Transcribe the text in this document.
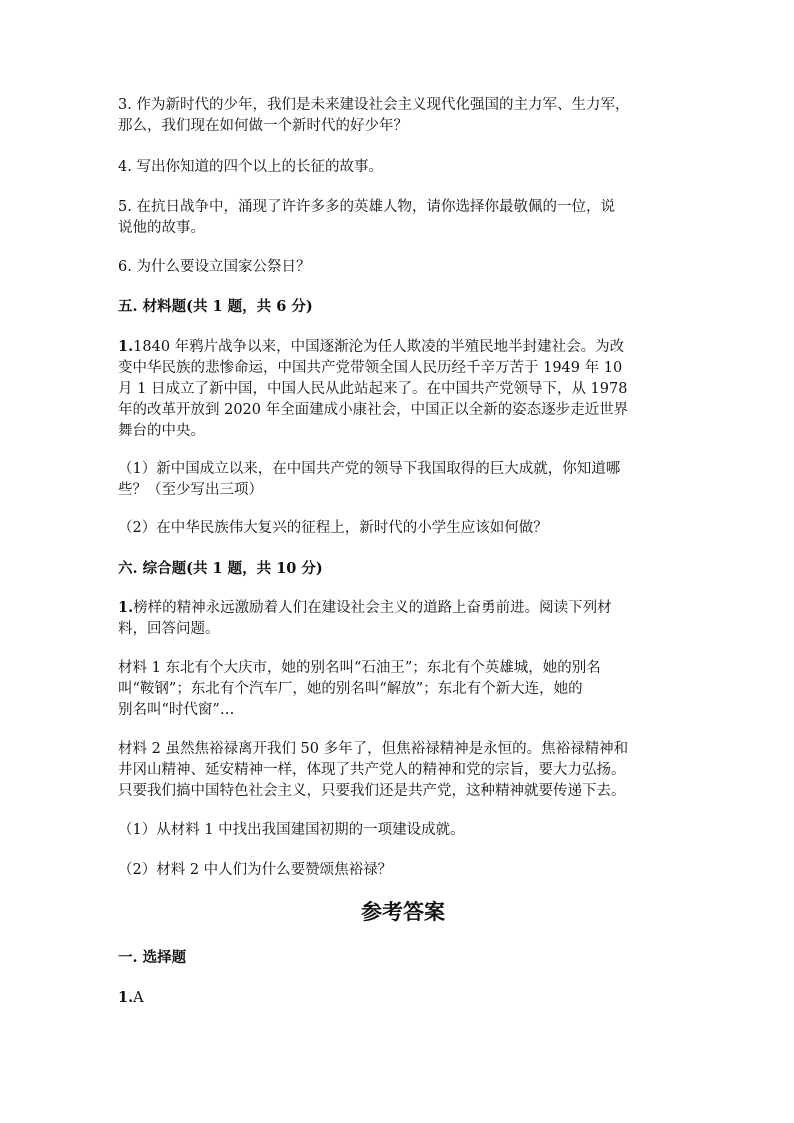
3. 作为新时代的少年，我们是未来建设社会主义现代化强国的主力军、生力军，
那么，我们现在如何做一个新时代的好少年？
4. 写出你知道的四个以上的长征的故事。
5. 在抗日战争中，涌现了许许多多的英雄人物，请你选择你最敬佩的一位，说
说他的故事。
6. 为什么要设立国家公祭日？
五. 材料题(共 1 题，共 6 分)
1.1840 年鸦片战争以来，中国逐渐沦为任人欺凌的半殖民地半封建社会。为改
变中华民族的悲惨命运，中国共产党带领全国人民历经千辛万苦于 1949 年 10
月 1 日成立了新中国，中国人民从此站起来了。在中国共产党领导下，从 1978
年的改革开放到 2020 年全面建成小康社会，中国正以全新的姿态逐步走近世界
舞台的中央。
（1）新中国成立以来，在中国共产党的领导下我国取得的巨大成就，你知道哪
些？（至少写出三项）
（2）在中华民族伟大复兴的征程上，新时代的小学生应该如何做？
六. 综合题(共 1 题，共 10 分)
1.榜样的精神永远激励着人们在建设社会主义的道路上奋勇前进。阅读下列材
料，回答问题。
材料 1 东北有个大庆市，她的别名叫“石油王”；东北有个英雄城，她的别名
叫“鞍钢”；东北有个汽车厂，她的别名叫“解放”；东北有个新大连，她的
别名叫“时代窗”…
材料 2 虽然焦裕禄离开我们 50 多年了，但焦裕禄精神是永恒的。焦裕禄精神和
井冈山精神、延安精神一样，体现了共产党人的精神和党的宗旨，要大力弘扬。
只要我们搞中国特色社会主义，只要我们还是共产党，这种精神就要传递下去。
（1）从材料 1 中找出我国建国初期的一项建设成就。
（2）材料 2 中人们为什么要赞颂焦裕禄？
参考答案
一. 选择题
1.A
